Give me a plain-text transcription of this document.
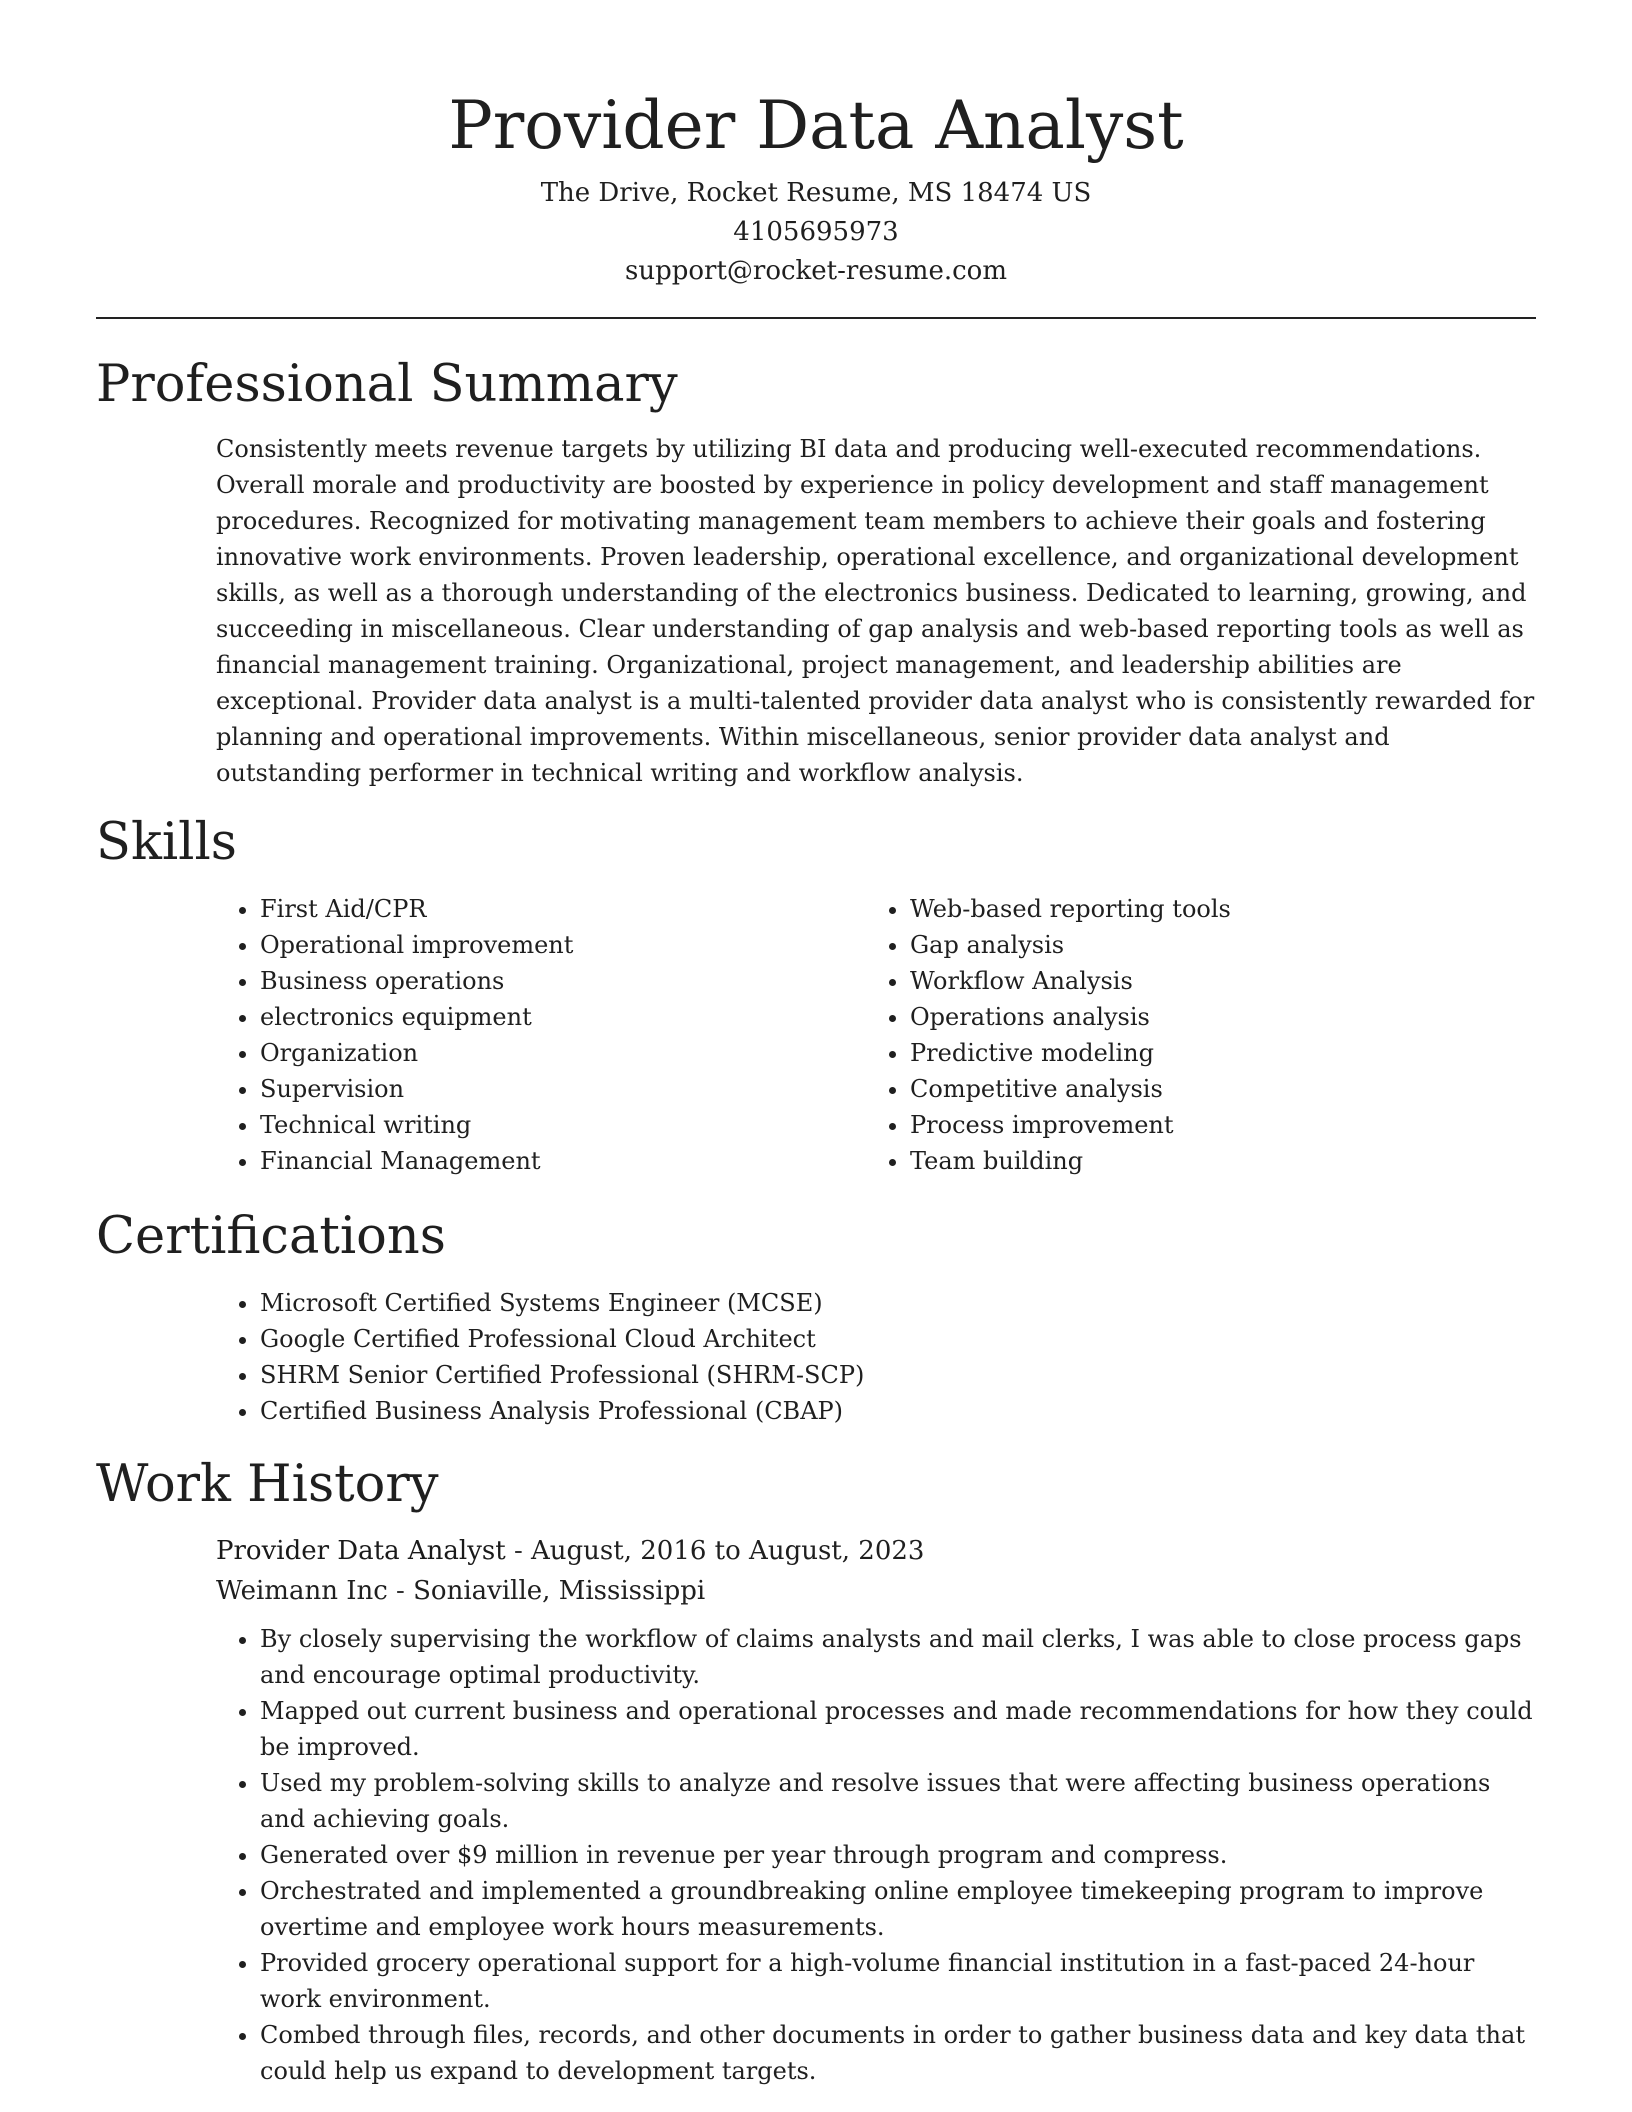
Provider Data Analyst
The Drive, Rocket Resume, MS 18474 US
4105695973
support@rocket-resume.com
Professional Summary

Consistently meets revenue targets by utilizing BI data and producing well-executed recommendations. Overall morale and productivity are boosted by experience in policy development and staff management procedures. Recognized for motivating management team members to achieve their goals and fostering innovative work environments. Proven leadership, operational excellence, and organizational development skills, as well as a thorough understanding of the electronics business. Dedicated to learning, growing, and succeeding in miscellaneous. Clear understanding of gap analysis and web-based reporting tools as well as financial management training. Organizational, project management, and leadership abilities are exceptional. Provider data analyst is a multi-talented provider data analyst who is consistently rewarded for planning and operational improvements. Within miscellaneous, senior provider data analyst and outstanding performer in technical writing and workflow analysis.

Skills
• First Aid/CPR
• Operational improvement
• Business operations
• electronics equipment
• Organization
• Supervision
• Technical writing
• Financial Management
• Web-based reporting tools
• Gap analysis
• Workflow Analysis
• Operations analysis
• Predictive modeling
• Competitive analysis
• Process improvement
• Team building
Certifications
• Microsoft Certified Systems Engineer (MCSE)
• Google Certified Professional Cloud Architect
• SHRM Senior Certified Professional (SHRM-SCP)
• Certified Business Analysis Professional (CBAP)
Work History
Provider Data Analyst - August, 2016 to August, 2023
Weimann Inc - Soniaville, Mississippi
• By closely supervising the workflow of claims analysts and mail clerks, I was able to close process gaps and encourage optimal productivity.
• Mapped out current business and operational processes and made recommendations for how they could be improved.
• Used my problem-solving skills to analyze and resolve issues that were affecting business operations and achieving goals.
• Generated over $9 million in revenue per year through program and compress.
• Orchestrated and implemented a groundbreaking online employee timekeeping program to improve overtime and employee work hours measurements.
• Provided grocery operational support for a high-volume financial institution in a fast-paced 24-hour work environment.
• Combed through files, records, and other documents in order to gather business data and key data that could help us expand to development targets.
